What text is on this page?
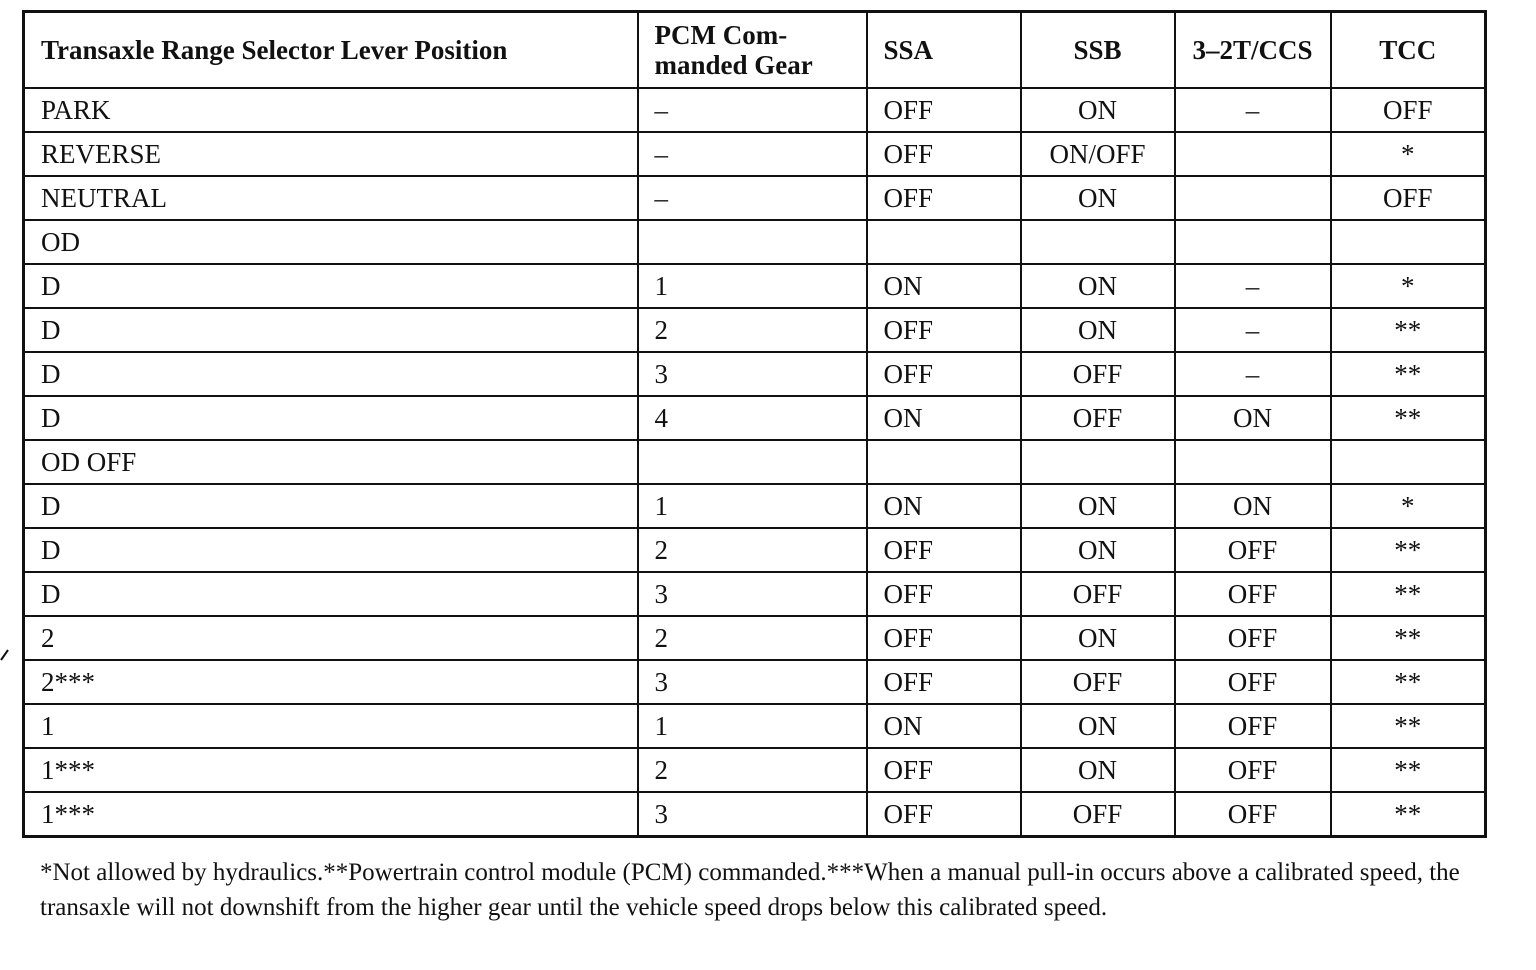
Transaxle Range Selector Lever Position	PCM Com-manded Gear	SSA	SSB	3–2T/CCS	TCC
PARK	–	OFF	ON	–	OFF
REVERSE	–	OFF	ON/OFF		*
NEUTRAL	–	OFF	ON		OFF
OD					
D	1	ON	ON	–	*
D	2	OFF	ON	–	**
D	3	OFF	OFF	–	**
D	4	ON	OFF	ON	**
OD OFF					
D	1	ON	ON	ON	*
D	2	OFF	ON	OFF	**
D	3	OFF	OFF	OFF	**
2	2	OFF	ON	OFF	**
2***	3	OFF	OFF	OFF	**
1	1	ON	ON	OFF	**
1***	2	OFF	ON	OFF	**
1***	3	OFF	OFF	OFF	**
*Not allowed by hydraulics.**Powertrain control module (PCM) commanded.***When a manual pull-in occurs above a calibrated speed, the transaxle will not downshift from the higher gear until the vehicle speed drops below this calibrated speed.
